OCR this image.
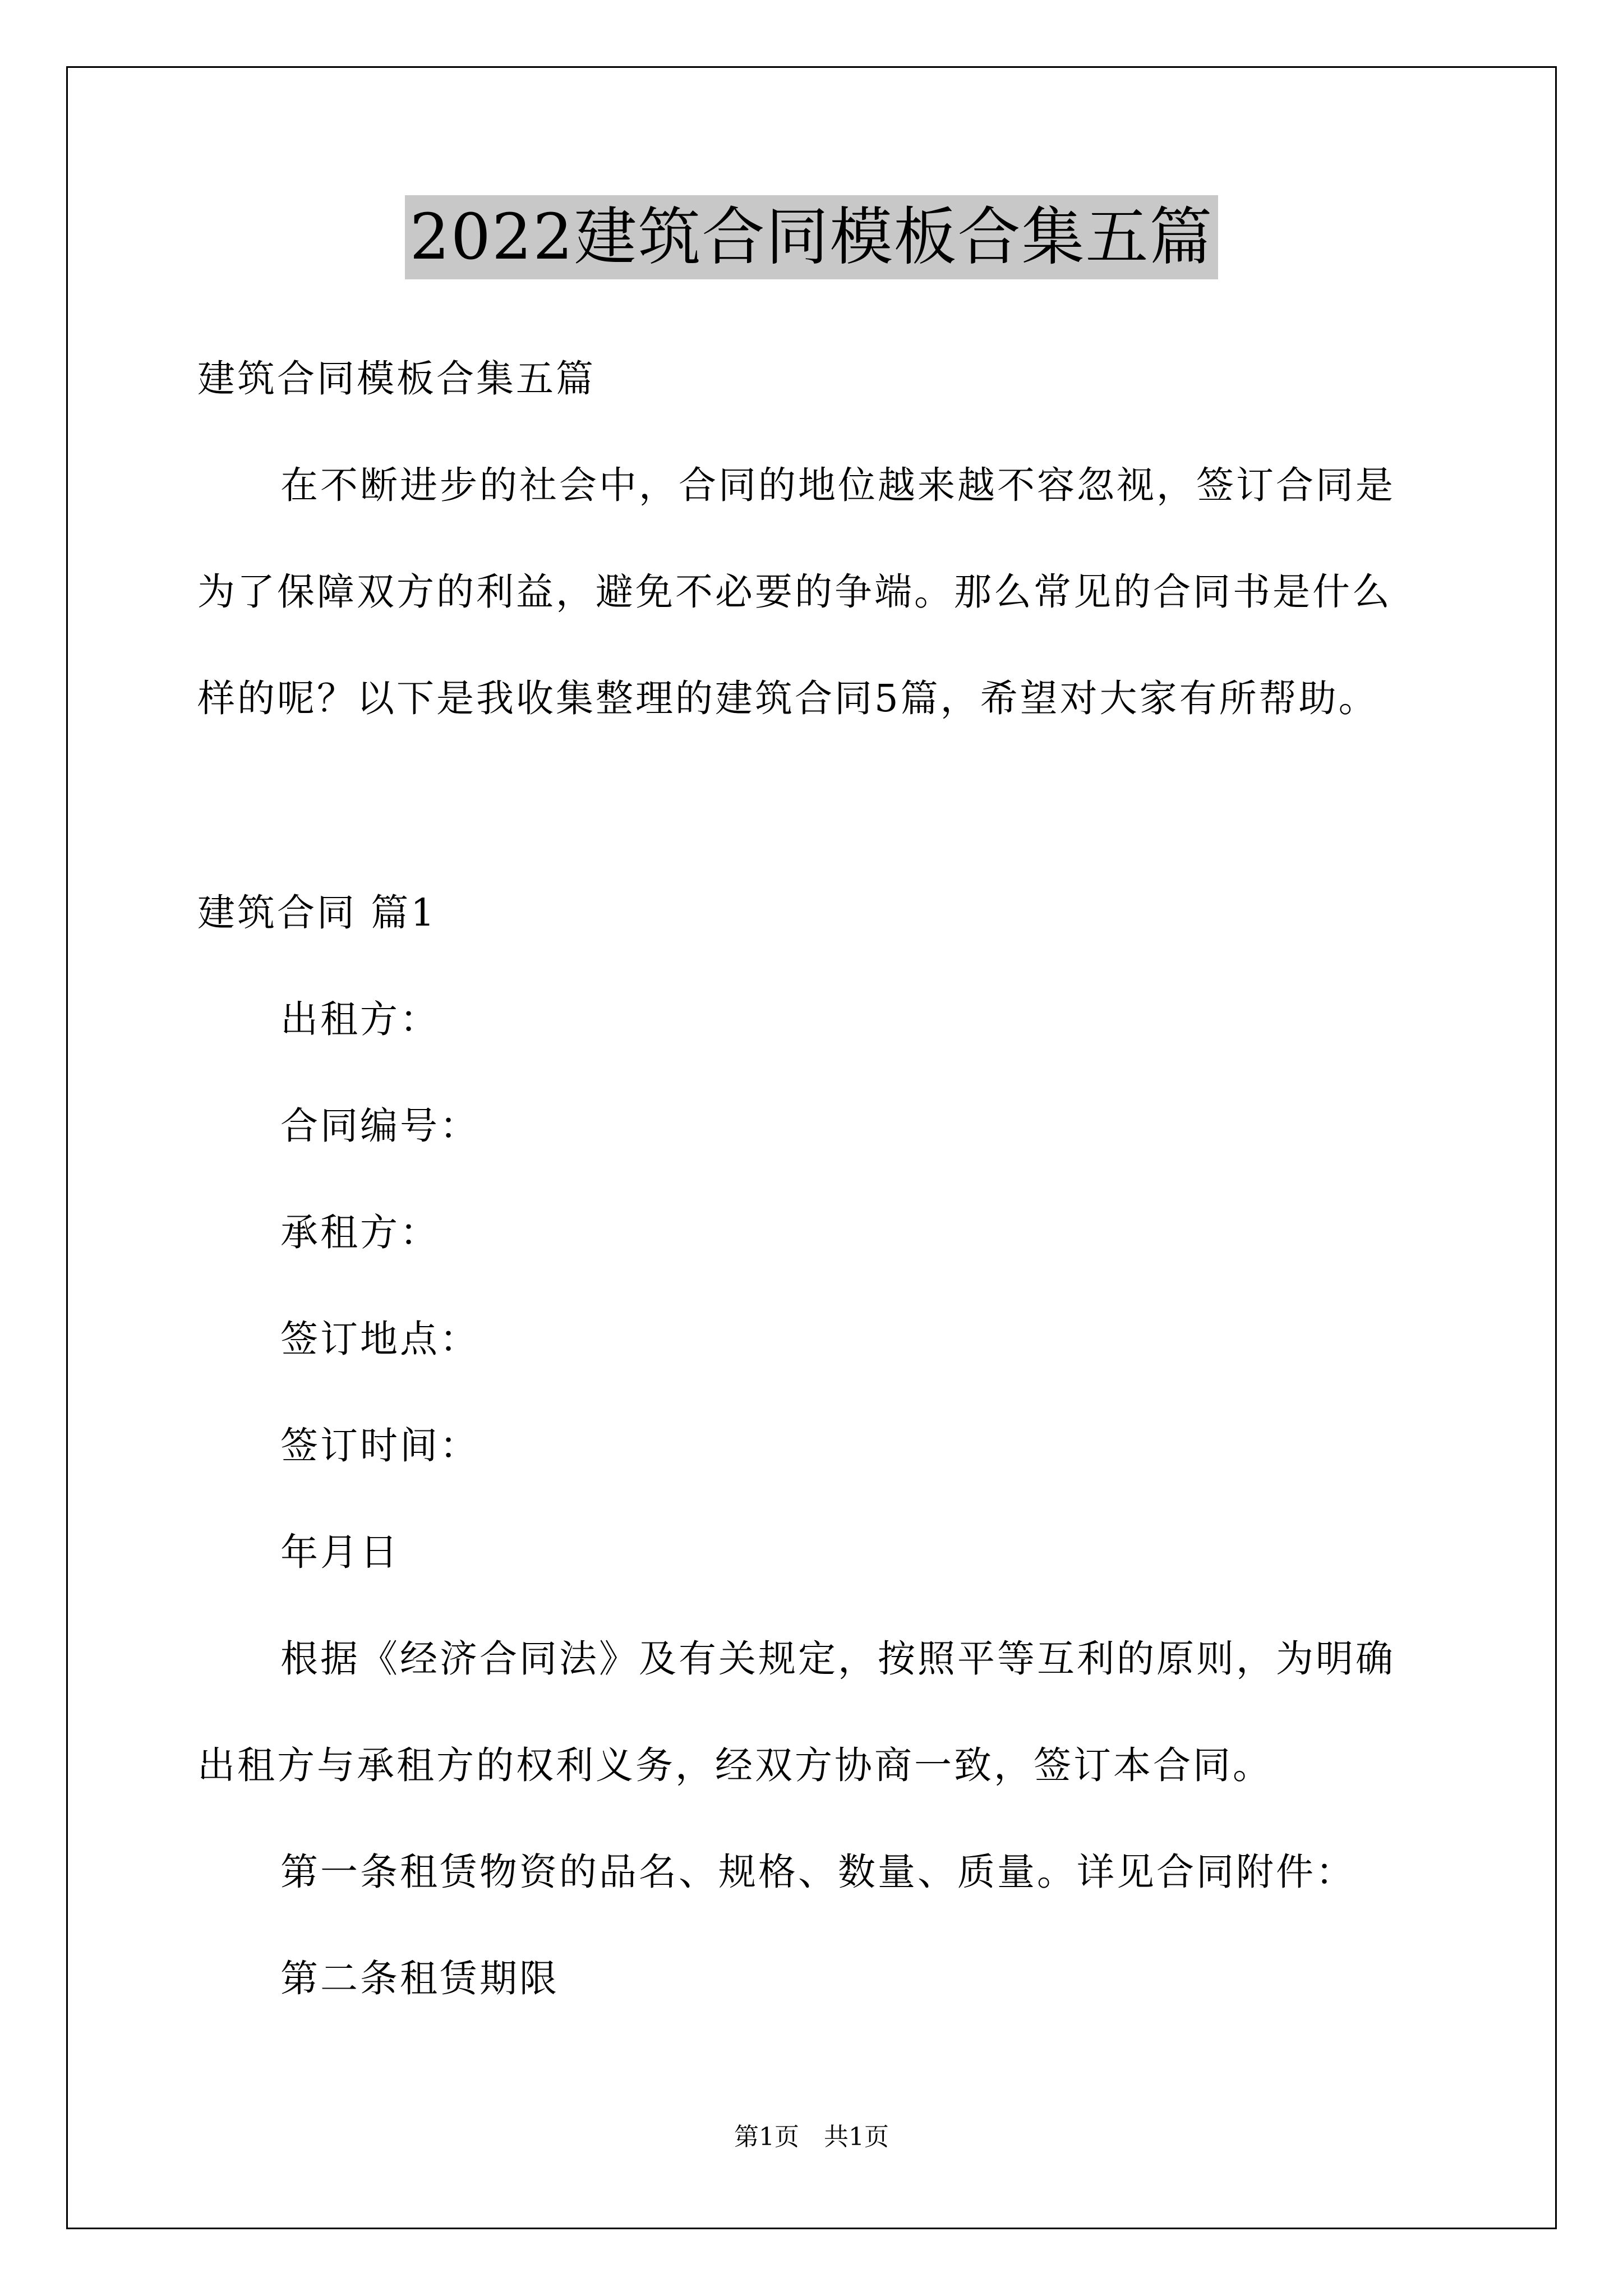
2022建筑合同模板合集五篇
建筑合同模板合集五篇
在不断进步的社会中，合同的地位越来越不容忽视，签订合同是
为了保障双方的利益，避免不必要的争端。那么常见的合同书是什么
样的呢？以下是我收集整理的建筑合同5篇，希望对大家有所帮助。
建筑合同 篇1
出租方：
合同编号：
承租方：
签订地点：
签订时间：
年月日
根据《经济合同法》及有关规定，按照平等互利的原则，为明确
出租方与承租方的权利义务，经双方协商一致，签订本合同。
第一条租赁物资的品名、规格、数量、质量。详见合同附件：
第二条租赁期限
第1页　共1页
